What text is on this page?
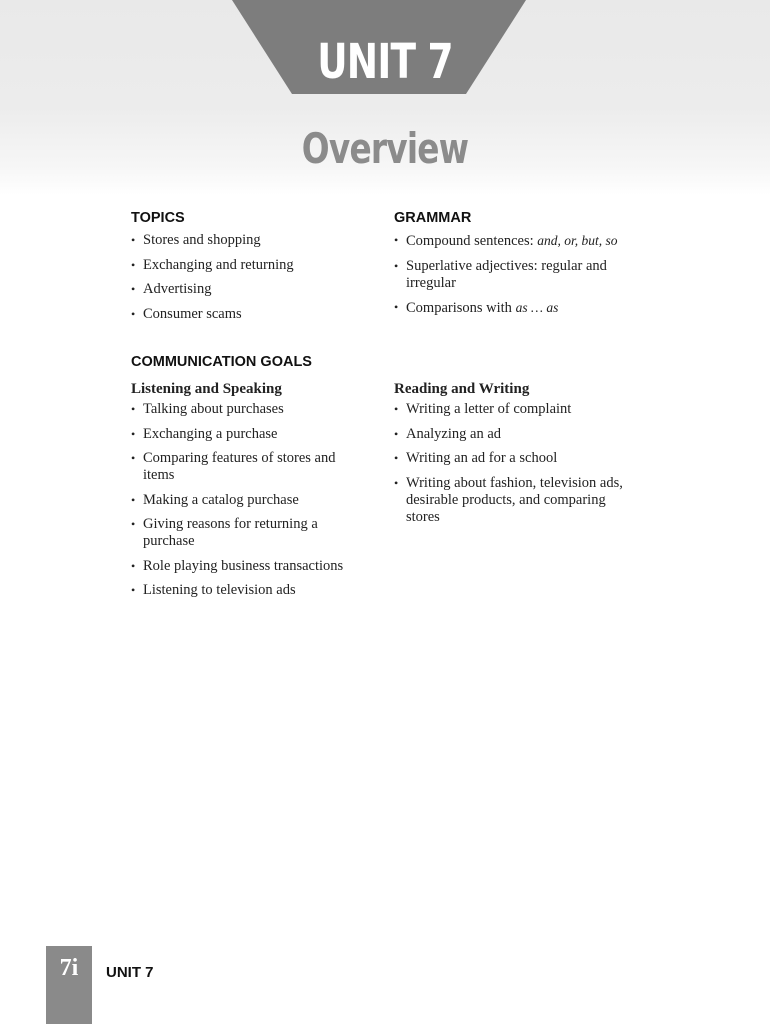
UNIT 7
Overview
TOPICS
• Stores and shopping
• Exchanging and returning
• Advertising
• Consumer scams
GRAMMAR
• Compound sentences: and, or, but, so
• Superlative adjectives: regular and irregular
• Comparisons with as … as
COMMUNICATION GOALS
Listening and Speaking
• Talking about purchases
• Exchanging a purchase
• Comparing features of stores and items
• Making a catalog purchase
• Giving reasons for returning a purchase
• Role playing business transactions
• Listening to television ads
Reading and Writing
• Writing a letter of complaint
• Analyzing an ad
• Writing an ad for a school
• Writing about fashion, television ads, desirable products, and comparing stores
7i	UNIT 7
